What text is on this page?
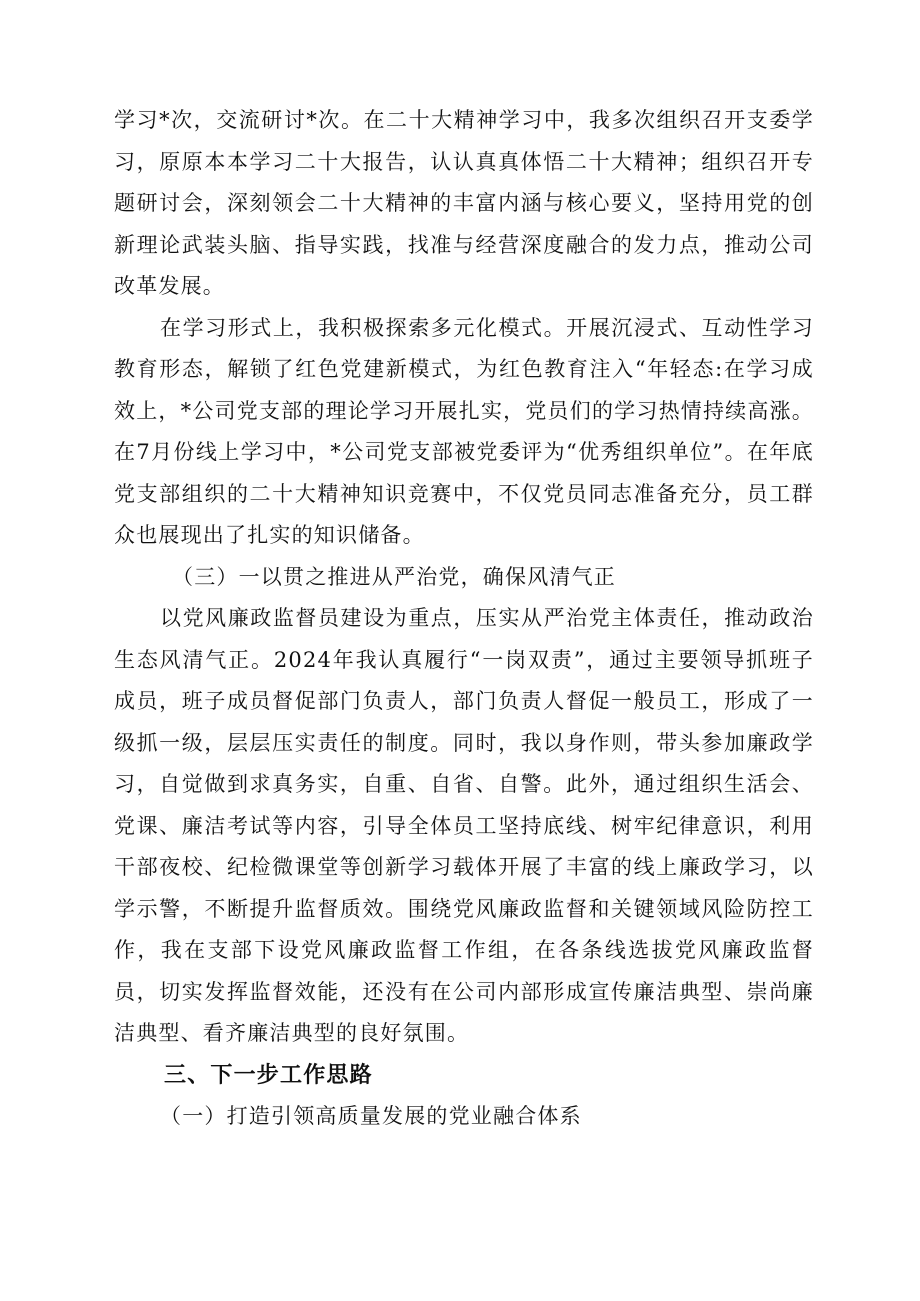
学习*次，交流研讨*次。在二十大精神学习中，我多次组织召开支委学习，原原本本学习二十大报告，认认真真体悟二十大精神；组织召开专题研讨会，深刻领会二十大精神的丰富内涵与核心要义，坚持用党的创新理论武装头脑、指导实践，找准与经营深度融合的发力点，推动公司改革发展。

在学习形式上，我积极探索多元化模式。开展沉浸式、互动性学习教育形态，解锁了红色党建新模式，为红色教育注入“年轻态:在学习成效上，*公司党支部的理论学习开展扎实，党员们的学习热情持续高涨。在7月份线上学习中，*公司党支部被党委评为“优秀组织单位”。在年底党支部组织的二十大精神知识竞赛中，不仅党员同志准备充分，员工群众也展现出了扎实的知识储备。

（三）一以贯之推进从严治党，确保风清气正

以党风廉政监督员建设为重点，压实从严治党主体责任，推动政治生态风清气正。2024年我认真履行“一岗双责”，通过主要领导抓班子成员，班子成员督促部门负责人，部门负责人督促一般员工，形成了一级抓一级，层层压实责任的制度。同时，我以身作则，带头参加廉政学习，自觉做到求真务实，自重、自省、自警。此外，通过组织生活会、党课、廉洁考试等内容，引导全体员工坚持底线、树牢纪律意识，利用干部夜校、纪检微课堂等创新学习载体开展了丰富的线上廉政学习，以学示警，不断提升监督质效。围绕党风廉政监督和关键领域风险防控工作，我在支部下设党风廉政监督工作组，在各条线选拔党风廉政监督员，切实发挥监督效能，还没有在公司内部形成宣传廉洁典型、崇尚廉洁典型、看齐廉洁典型的良好氛围。

三、下一步工作思路

（一）打造引领高质量发展的党业融合体系
